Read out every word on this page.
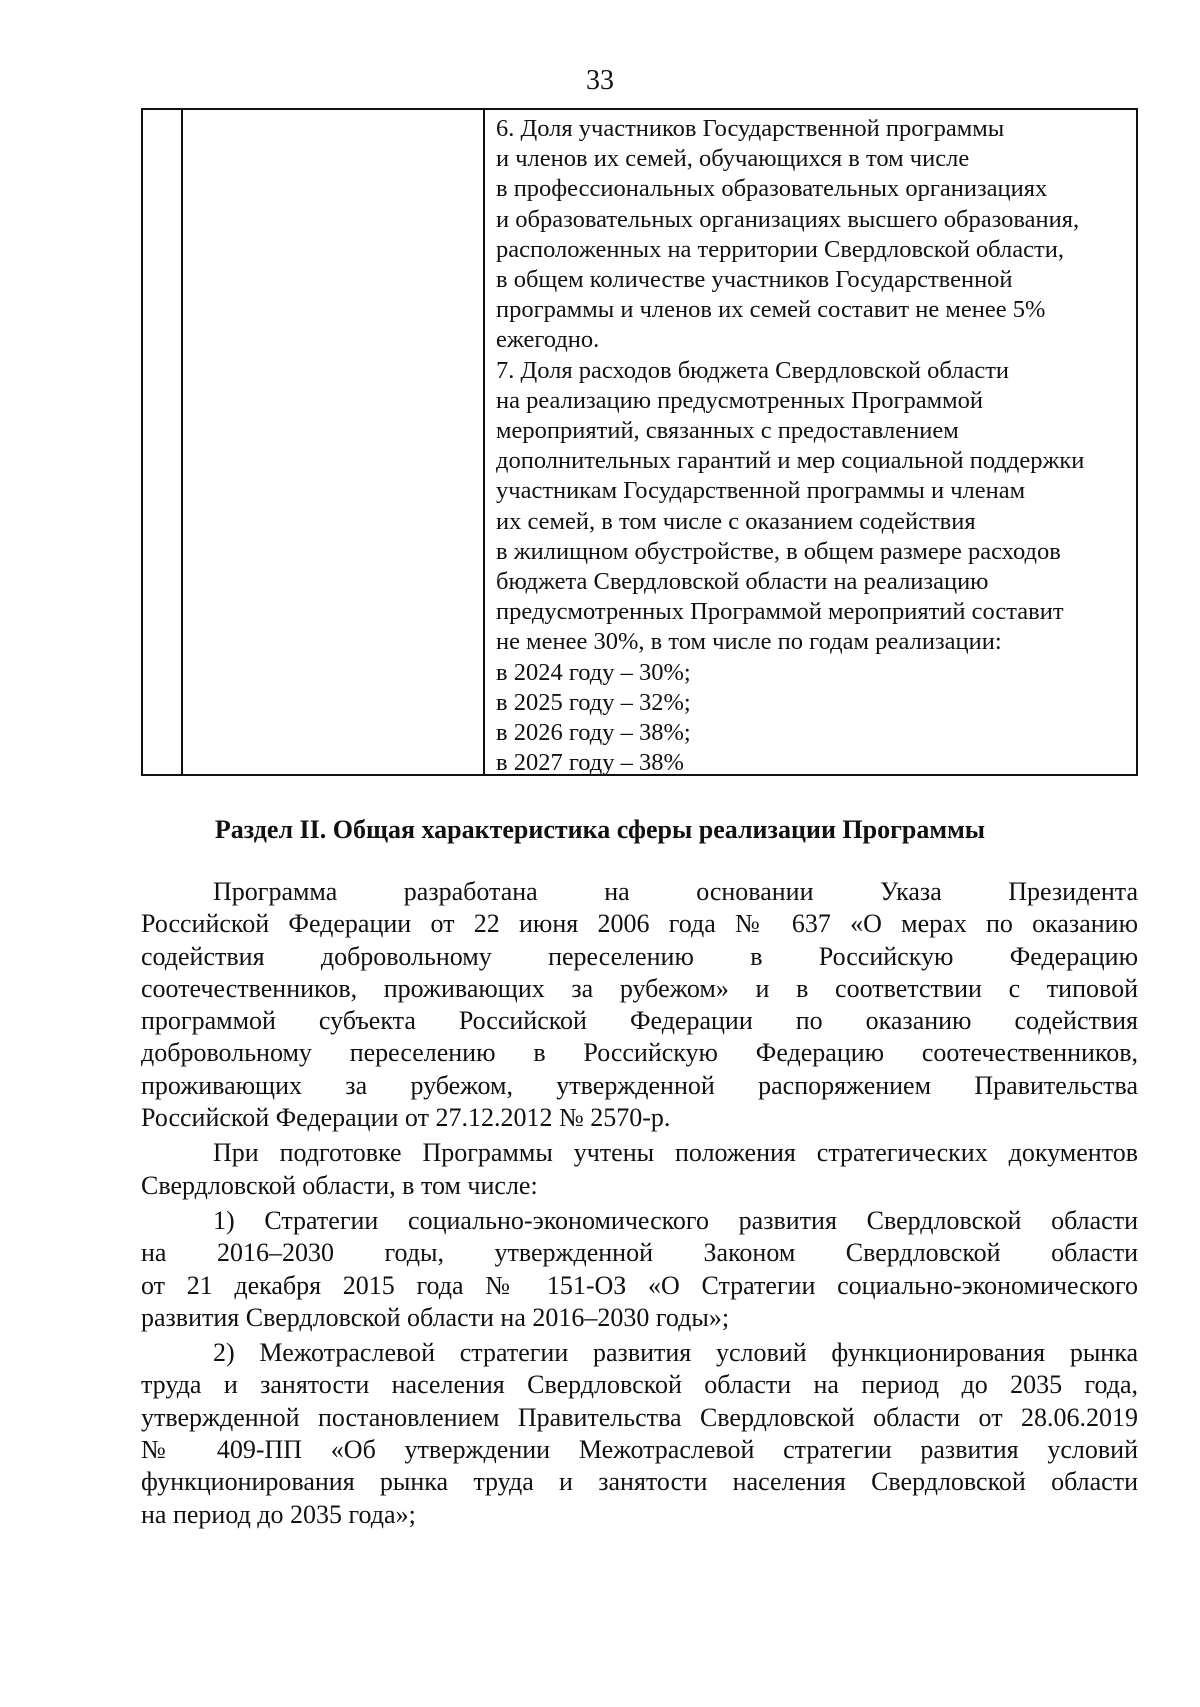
33
6. Доля участников Государственной программы
и членов их семей, обучающихся в том числе
в профессиональных образовательных организациях
и образовательных организациях высшего образования,
расположенных на территории Свердловской области,
в общем количестве участников Государственной
программы и членов их семей составит не менее 5%
ежегодно.
7. Доля расходов бюджета Свердловской области
на реализацию предусмотренных Программой
мероприятий, связанных с предоставлением
дополнительных гарантий и мер социальной поддержки
участникам Государственной программы и членам
их семей, в том числе с оказанием содействия
в жилищном обустройстве, в общем размере расходов
бюджета Свердловской области на реализацию
предусмотренных Программой мероприятий составит
не менее 30%, в том числе по годам реализации:
в 2024 году – 30%;
в 2025 году – 32%;
в 2026 году – 38%;
в 2027 году – 38%
Раздел II. Общая характеристика сферы реализации Программы
Программа разработана на основании Указа Президента
Российской Федерации от 22 июня 2006 года № 637 «О мерах по оказанию
содействия добровольному переселению в Российскую Федерацию
соотечественников, проживающих за рубежом» и в соответствии с типовой
программой субъекта Российской Федерации по оказанию содействия
добровольному переселению в Российскую Федерацию соотечественников,
проживающих за рубежом, утвержденной распоряжением Правительства
Российской Федерации от 27.12.2012 № 2570-р.
При подготовке Программы учтены положения стратегических документов
Свердловской области, в том числе:
1) Стратегии социально-экономического развития Свердловской области
на 2016–2030 годы, утвержденной Законом Свердловской области
от 21 декабря 2015 года № 151-ОЗ «О Стратегии социально-экономического
развития Свердловской области на 2016–2030 годы»;
2) Межотраслевой стратегии развития условий функционирования рынка
труда и занятости населения Свердловской области на период до 2035 года,
утвержденной постановлением Правительства Свердловской области от 28.06.2019
№ 409-ПП «Об утверждении Межотраслевой стратегии развития условий
функционирования рынка труда и занятости населения Свердловской области
на период до 2035 года»;
